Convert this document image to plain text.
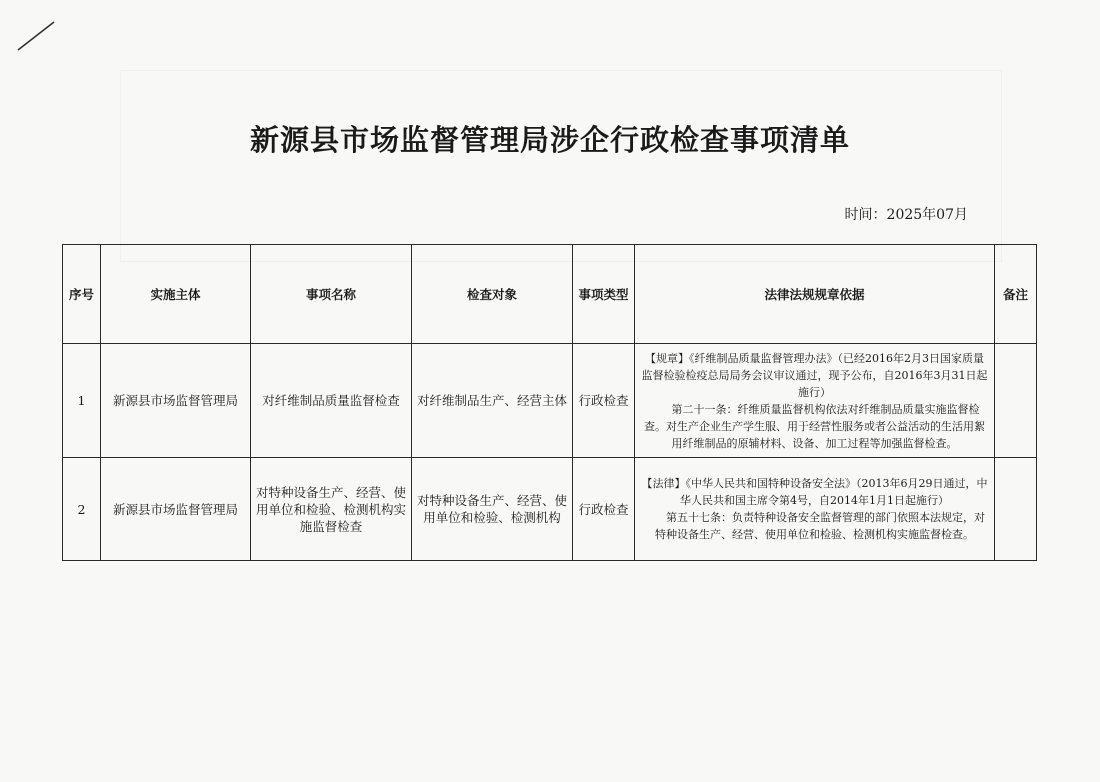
新源县市场监督管理局涉企行政检查事项清单
时间：2025年07月
序号	实施主体	事项名称	检查对象	事项类型	法律法规规章依据	备注
1	新源县市场监督管理局	对纤维制品质量监督检查	对纤维制品生产、经营主体	行政检查	【规章】《纤维制品质量监督管理办法》（已经2016年2月3日国家质量监督检验检疫总局局务会议审议通过，现予公布，自2016年3月31日起施行）
第二十一条：纤维质量监督机构依法对纤维制品质量实施监督检查。对生产企业生产学生服、用于经营性服务或者公益活动的生活用絮用纤维制品的原辅材料、设备、加工过程等加强监督检查。	

2	新源县市场监督管理局	对特种设备生产、经营、使用单位和检验、检测机构实施监督检查	对特种设备生产、经营、使用单位和检验、检测机构	行政检查	【法律】《中华人民共和国特种设备安全法》（2013年6月29日通过，中华人民共和国主席令第4号，自2014年1月1日起施行）
第五十七条：负责特种设备安全监督管理的部门依照本法规定，对特种设备生产、经营、使用单位和检验、检测机构实施监督检查。	
